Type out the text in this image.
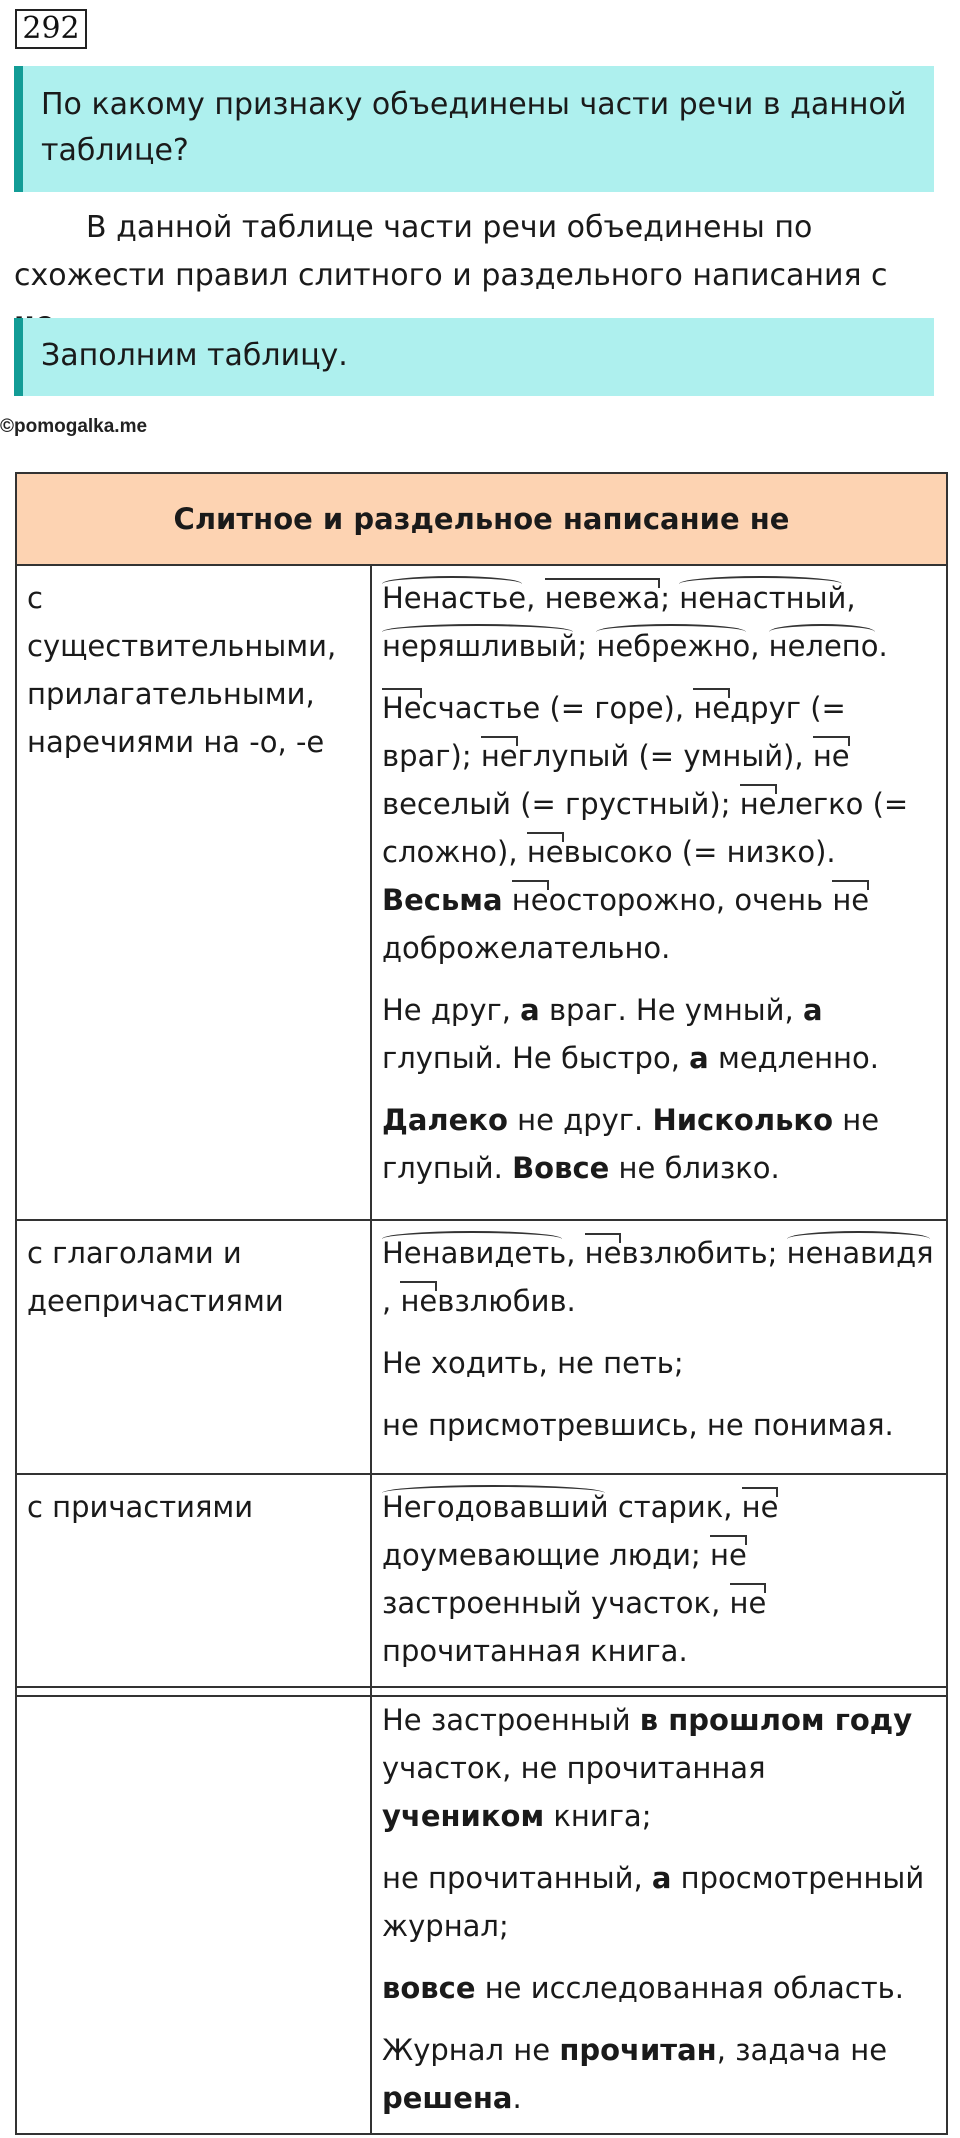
292
По какому признаку объединены части речи в данной таблице?
В данной таблице части речи объединены по схожести правил слитного и раздельного написания с
Заполним таблицу.
©pomogalka.me
Слитное и раздельное написание не	
с существительными, прилагательными, наречиями на -о, -е	Ненастье, невежа; ненастный, неряшливый; небрежно, нелепо.

Несчастье (= горе), недруг (= враг); неглупый (= умный), невеселый (= грустный); нелегко (= сложно), невысоко (= низко). Весьма неосторожно, очень недоброжелательно.

Не друг, а враг. Не умный, а глупый. Не быстро, а медленно.

Далеко не друг. Нисколько не глупый. Вовсе не близко.

с глаголами и деепричастиями	Ненавидеть, невзлюбить; ненавидя, невзлюбив.

Не ходить, не петь;

не присмотревшись, не понимая.

с причастиями	Негодовавший старик, недоумевающие люди; незастроенный участок, непрочитанная книга.

Не застроенный в прошлом году участок, не прочитанная учеником книга;

не прочитанный, а просмотренный журнал;

вовсе не исследованная область.

Журнал не прочитан, задача не решена.
